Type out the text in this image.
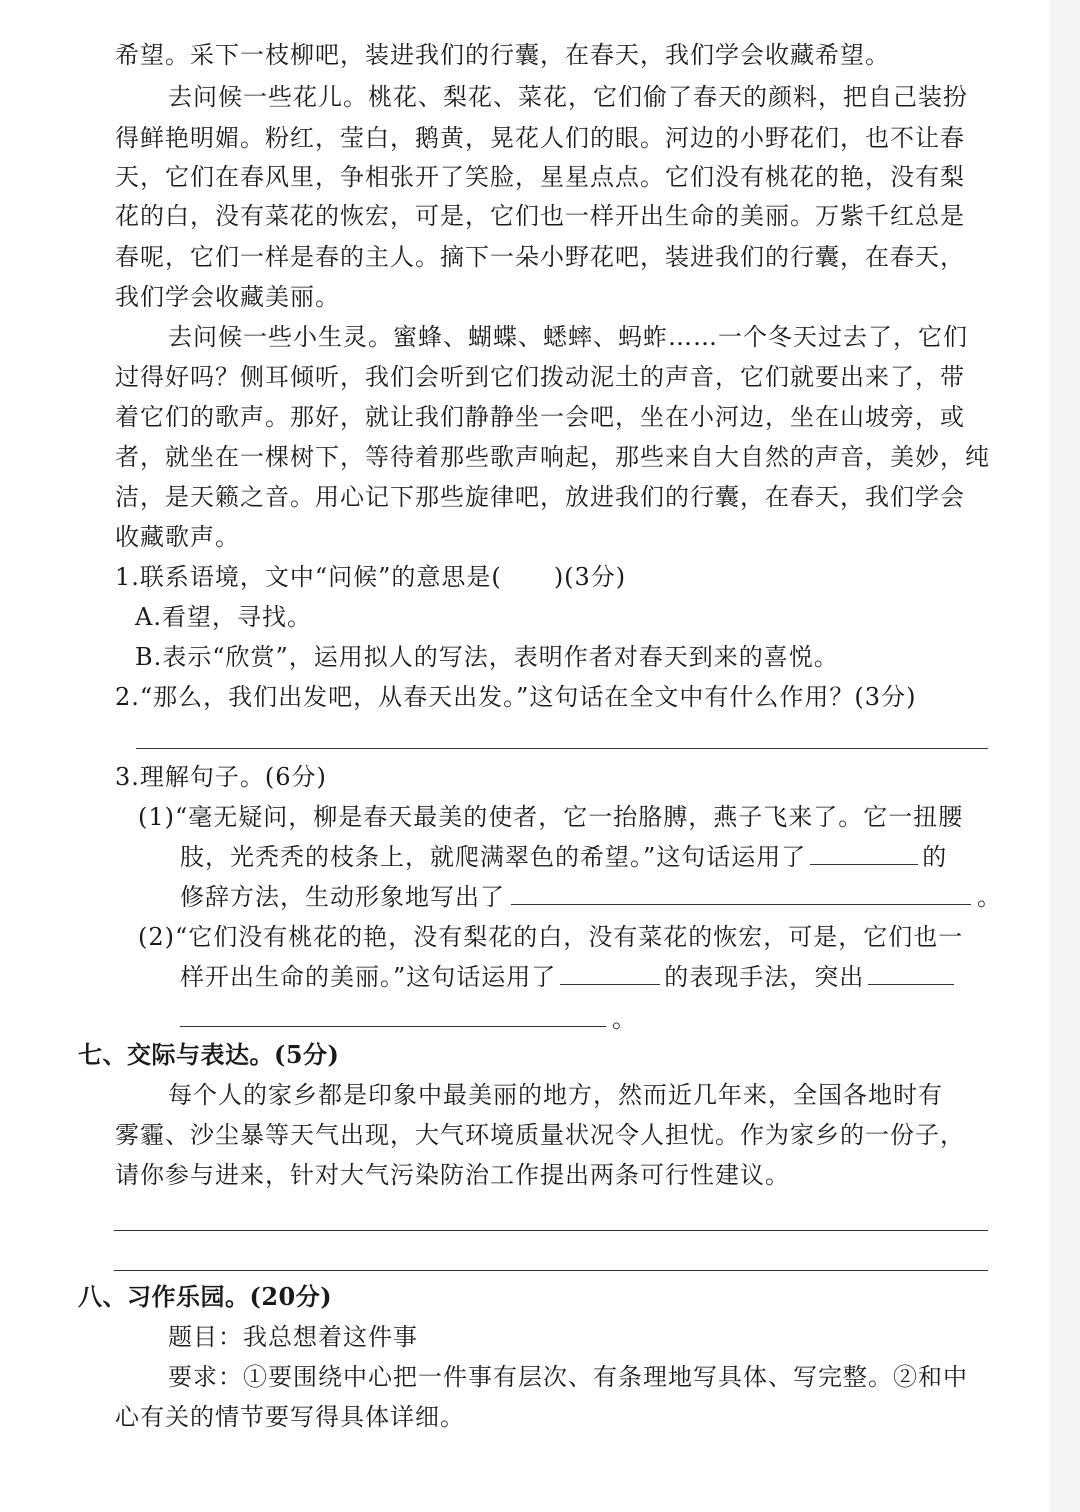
希望。采下一枝柳吧，装进我们的行囊，在春天，我们学会收藏希望。
去问候一些花儿。桃花、梨花、菜花，它们偷了春天的颜料，把自己装扮
得鲜艳明媚。粉红，莹白，鹅黄，晃花人们的眼。河边的小野花们，也不让春
天，它们在春风里，争相张开了笑脸，星星点点。它们没有桃花的艳，没有梨
花的白，没有菜花的恢宏，可是，它们也一样开出生命的美丽。万紫千红总是
春呢，它们一样是春的主人。摘下一朵小野花吧，装进我们的行囊，在春天，
我们学会收藏美丽。
去问候一些小生灵。蜜蜂、蝴蝶、蟋蟀、蚂蚱……一个冬天过去了，它们
过得好吗？侧耳倾听，我们会听到它们拨动泥土的声音，它们就要出来了，带
着它们的歌声。那好，就让我们静静坐一会吧，坐在小河边，坐在山坡旁，或
者，就坐在一棵树下，等待着那些歌声响起，那些来自大自然的声音，美妙，纯
洁，是天籁之音。用心记下那些旋律吧，放进我们的行囊，在春天，我们学会
收藏歌声。
1.联系语境，文中“问候”的意思是( )(3分)
A.看望，寻找。
B.表示“欣赏”，运用拟人的写法，表明作者对春天到来的喜悦。
2.“那么，我们出发吧，从春天出发。”这句话在全文中有什么作用？(3分)
3.理解句子。(6分)
(1)“毫无疑问，柳是春天最美的使者，它一抬胳膊，燕子飞来了。它一扭腰
肢，光秃秃的枝条上，就爬满翠色的希望。”这句话运用了	的
修辞方法，生动形象地写出了	。
(2)“它们没有桃花的艳，没有梨花的白，没有菜花的恢宏，可是，它们也一
样开出生命的美丽。”这句话运用了	的表现手法，突出
。
七、交际与表达。(5分)
每个人的家乡都是印象中最美丽的地方，然而近几年来，全国各地时有
雾霾、沙尘暴等天气出现，大气环境质量状况令人担忧。作为家乡的一份子，
请你参与进来，针对大气污染防治工作提出两条可行性建议。
八、习作乐园。(20分)
题目：我总想着这件事
要求：①要围绕中心把一件事有层次、有条理地写具体、写完整。②和中
心有关的情节要写得具体详细。
